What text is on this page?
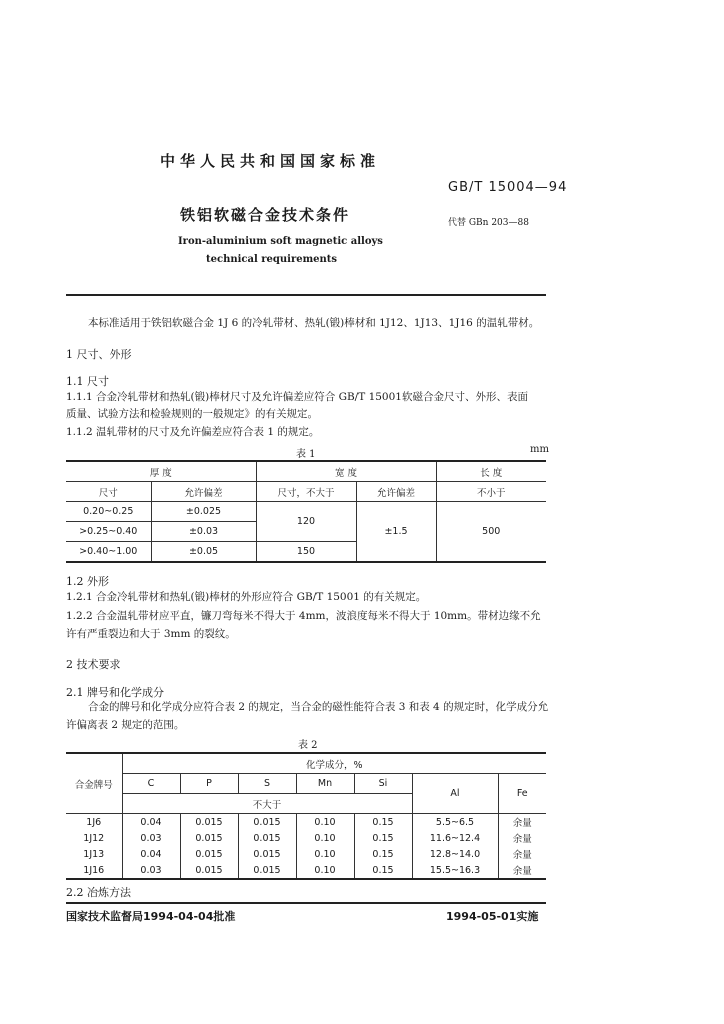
中华人民共和国国家标准
GB/T 15004—94
铁铝软磁合金技术条件	代替 GBn 203—88
Iron-aluminium soft magnetic alloys
technical requirements
本标准适用于铁铝软磁合金 1J 6 的冷轧带材、热轧(锻)棒材和 1J12、1J13、1J16 的温轧带材。
1 尺寸、外形
1.1 尺寸
1.1.1 合金冷轧带材和热轧(锻)棒材尺寸及允许偏差应符合 GB/T 15001软磁合金尺寸、外形、表面
质量、试验方法和检验规则的一般规定》的有关规定。
1.1.2 温轧带材的尺寸及允许偏差应符合表 1 的规定。
表 1	mm
厚 度		宽 度		长 度
尺寸	允许偏差	尺寸，不大于	允许偏差	不小于
0.20~0.25	±0.025	120	±1.5	500
>0.25~0.40	±0.03			
>0.40~1.00	±0.05	150		
1.2 外形
1.2.1 合金冷轧带材和热轧(锻)棒材的外形应符合 GB/T 15001 的有关规定。
1.2.2 合金温轧带材应平直，镰刀弯每米不得大于 4mm，波浪度每米不得大于 10mm。带材边缘不允
许有严重裂边和大于 3mm 的裂纹。
2 技术要求
2.1 牌号和化学成分
合金的牌号和化学成分应符合表 2 的规定，当合金的磁性能符合表 3 和表 4 的规定时，化学成分允
许偏离表 2 规定的范围。
表 2
合金牌号	化学成分，%						
	C	P	S	Mn	Si	Al	Fe
	不大于						
1J6	0.04	0.015	0.015	0.10	0.15	5.5~6.5	余量
1J12	0.03	0.015	0.015	0.10	0.15	11.6~12.4	余量
1J13	0.04	0.015	0.015	0.10	0.15	12.8~14.0	余量
1J16	0.03	0.015	0.015	0.10	0.15	15.5~16.3	余量
2.2 冶炼方法
国家技术监督局1994-04-04批准	1994-05-01实施
